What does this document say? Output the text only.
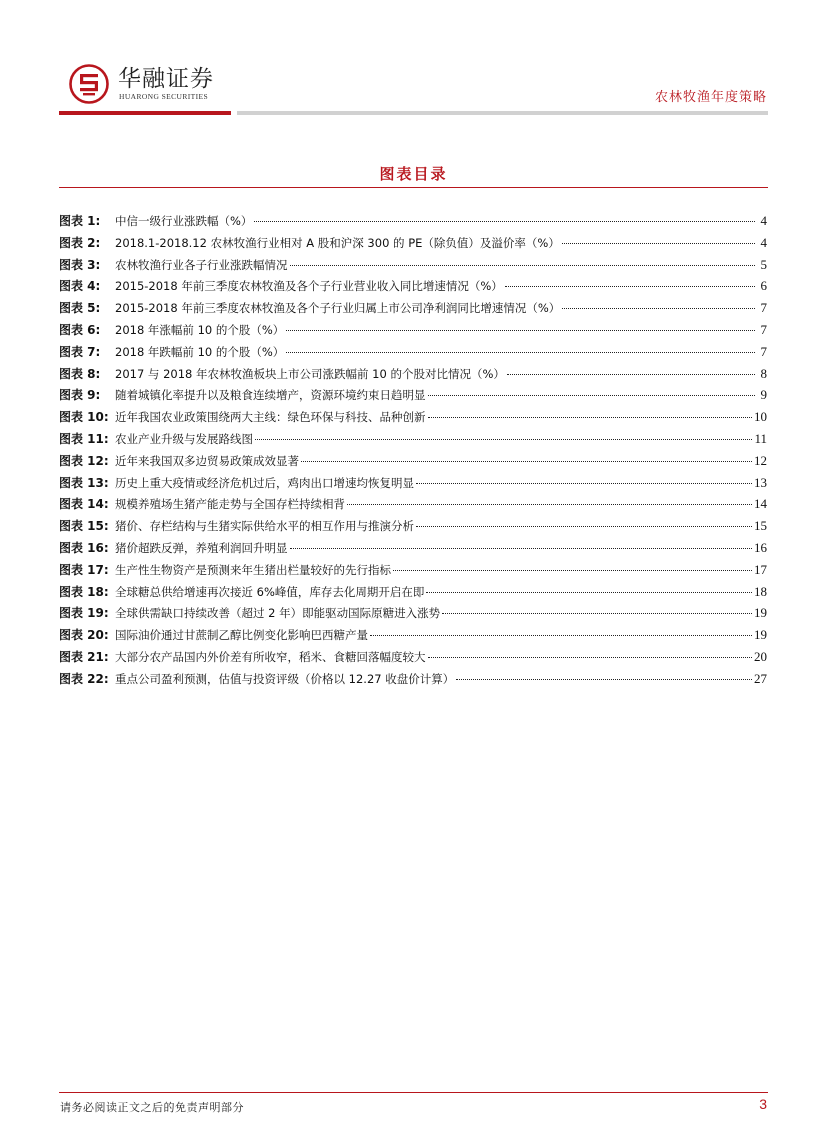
华融证券
HUARONG SECURITIES	农林牧渔年度策略
图表目录
图表 1:	中信一级行业涨跌幅（%）	4
图表 2:	2018.1-2018.12 农林牧渔行业相对 A 股和沪深 300 的 PE（除负值）及溢价率（%）	4
图表 3:	农林牧渔行业各子行业涨跌幅情况	5
图表 4:	2015-2018 年前三季度农林牧渔及各个子行业营业收入同比增速情况（%）	6
图表 5:	2015-2018 年前三季度农林牧渔及各个子行业归属上市公司净利润同比增速情况（%）	7
图表 6:	2018 年涨幅前 10 的个股（%）	7
图表 7:	2018 年跌幅前 10 的个股（%）	7
图表 8:	2017 与 2018 年农林牧渔板块上市公司涨跌幅前 10 的个股对比情况（%）	8
图表 9:	随着城镇化率提升以及粮食连续增产，资源环境约束日趋明显	9
图表 10: 近年我国农业政策围绕两大主线：绿色环保与科技、品种创新	10
图表 11: 农业产业升级与发展路线图	11
图表 12: 近年来我国双多边贸易政策成效显著	12
图表 13: 历史上重大疫情或经济危机过后，鸡肉出口增速均恢复明显	13
图表 14: 规模养殖场生猪产能走势与全国存栏持续相背	14
图表 15: 猪价、存栏结构与生猪实际供给水平的相互作用与推演分析	15
图表 16: 猪价超跌反弹，养殖利润回升明显	16
图表 17: 生产性生物资产是预测来年生猪出栏量较好的先行指标	17
图表 18: 全球糖总供给增速再次接近 6%峰值，库存去化周期开启在即	18
图表 19: 全球供需缺口持续改善（超过 2 年）即能驱动国际原糖进入涨势	19
图表 20: 国际油价通过甘蔗制乙醇比例变化影响巴西糖产量	19
图表 21: 大部分农产品国内外价差有所收窄，稻米、食糖回落幅度较大	20
图表 22: 重点公司盈利预测，估值与投资评级（价格以 12.27 收盘价计算）	27
请务必阅读正文之后的免责声明部分	3
